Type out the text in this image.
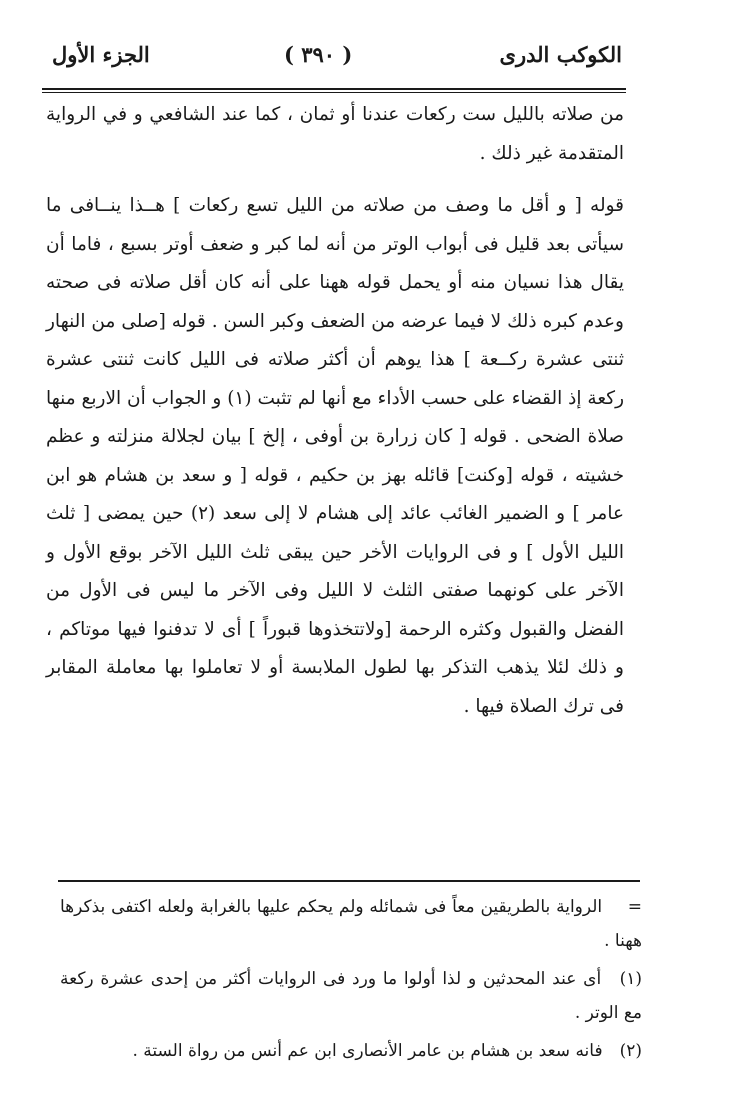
الجزء الأول	( ٣٩٠ )	الكوكب الدرى

من صلاته بالليل ست ركعات عندنا أو ثمان ، كما عند الشافعي و في الرواية المتقدمة غير ذلك .

قوله [ و أقل ما وصف من صلاته من الليل تسع ركعات ] هــذا ينــافى ما سيأتى بعد قليل فى أبواب الوتر من أنه لما كبر و ضعف أوتر بسبع ، فاما أن يقال هذا نسيان منه أو يحمل قوله ههنا على أنه كان أقل صلاته فى صحته وعدم كبره ذلك لا فيما عرضه من الضعف وكبر السن . قوله [صلى من النهار ثنتى عشرة ركــعة ] هذا يوهم أن أكثر صلاته فى الليل كانت ثنتى عشرة ركعة إذ القضاء على حسب الأداء مع أنها لم تثبت (١) و الجواب أن الاربع منها صلاة الضحى . قوله [ كان زرارة بن أوفى ، إلخ ] بيان لجلالة منزلته و عظم خشيته ، قوله [وكنت] قائله بهز بن حكيم ، قوله [ و سعد بن هشام هو ابن عامر ] و الضمير الغائب عائد إلى هشام لا إلى سعد (٢) حين يمضى [ ثلث الليل الأول ] و فى الروايات الأخر حين يبقى ثلث الليل الآخر بوقع الأول و الآخر على كونهما صفتى الثلث لا الليل وفى الآخر ما ليس فى الأول من الفضل والقبول وكثره الرحمة [ولاتتخذوها قبوراً ] أى لا تدفنوا فيها موتاكم ، و ذلك لئلا يذهب التذكر بها لطول الملابسة أو لا تعاملوا بها معاملة المقابر فى ترك الصلاة فيها .

= الرواية بالطريقين معاً فى شمائله ولم يحكم عليها بالغرابة ولعله اكتفى بذكرها ههنا .
(١) أى عند المحدثين و لذا أولوا ما ورد فى الروايات أكثر من إحدى عشرة ركعة مع الوتر .
(٢) فانه سعد بن هشام بن عامر الأنصارى ابن عم أنس من رواة الستة .
